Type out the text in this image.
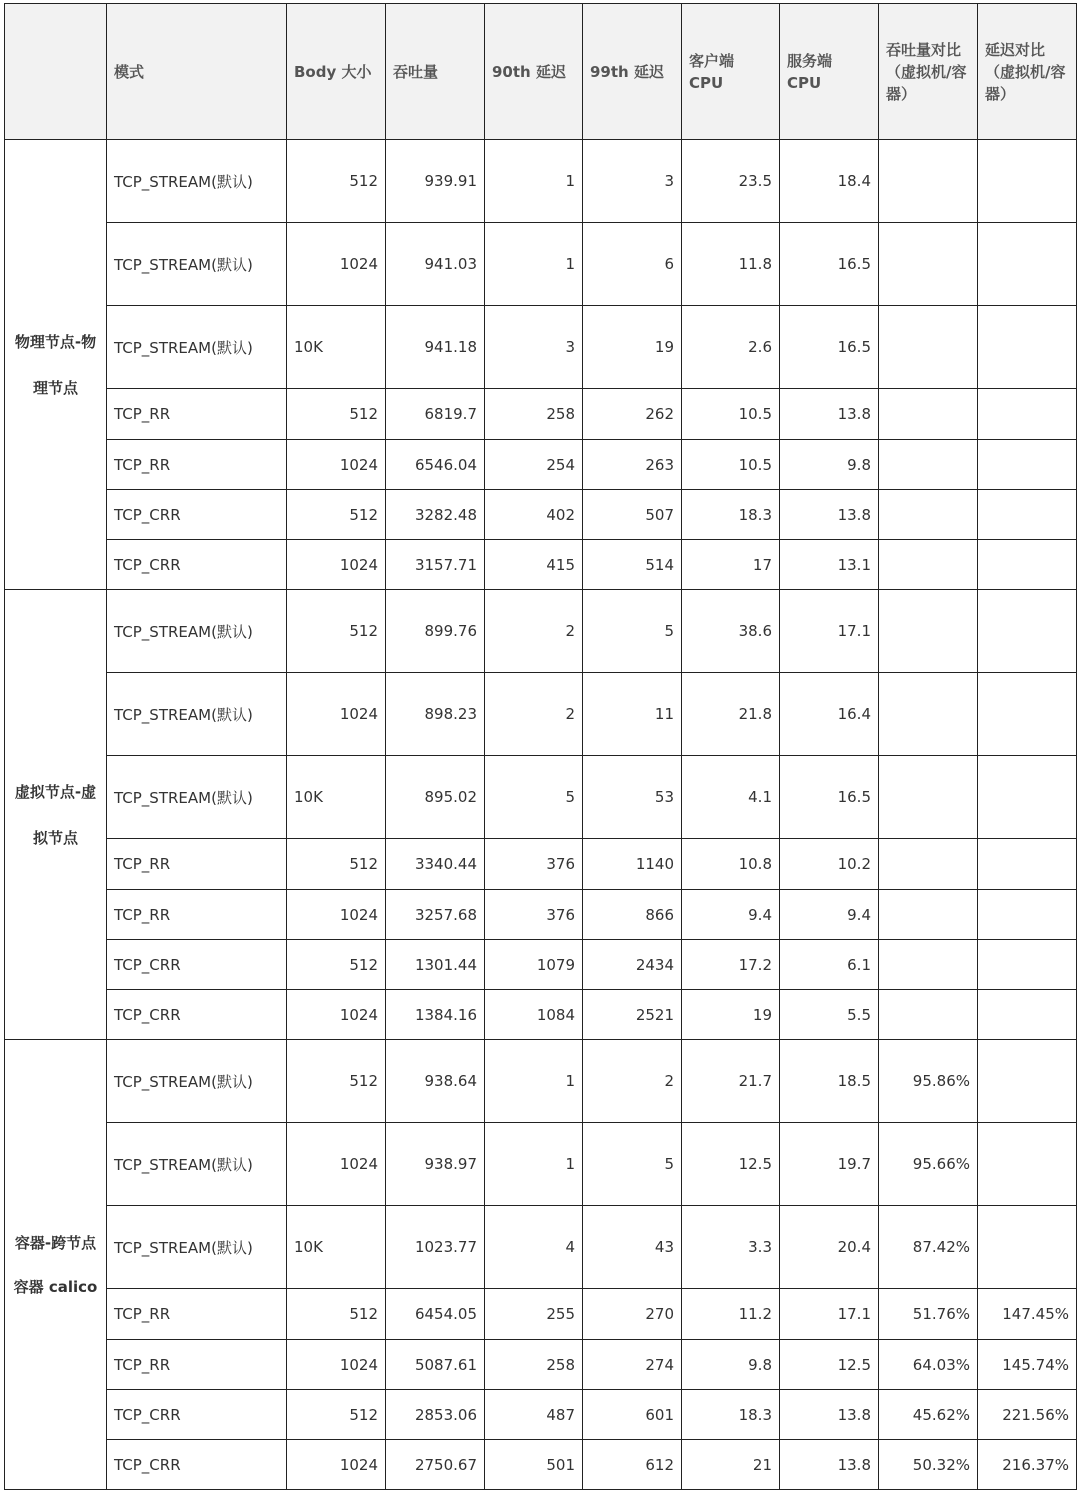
	模式	Body 大小	吞吐量	90th 延迟	99th 延迟	客户端 CPU	服务端 CPU	吞吐量对比（虚拟机/容器）	延迟对比（虚拟机/容器）
物理节点-物理节点	TCP_STREAM(默认)	512	939.91	1	3	23.5	18.4		
	TCP_STREAM(默认)	1024	941.03	1	6	11.8	16.5		
	TCP_STREAM(默认)	10K	941.18	3	19	2.6	16.5		
	TCP_RR	512	6819.7	258	262	10.5	13.8		
	TCP_RR	1024	6546.04	254	263	10.5	9.8		
	TCP_CRR	512	3282.48	402	507	18.3	13.8		
	TCP_CRR	1024	3157.71	415	514	17	13.1		
虚拟节点-虚拟节点	TCP_STREAM(默认)	512	899.76	2	5	38.6	17.1		
	TCP_STREAM(默认)	1024	898.23	2	11	21.8	16.4		
	TCP_STREAM(默认)	10K	895.02	5	53	4.1	16.5		
	TCP_RR	512	3340.44	376	1140	10.8	10.2		
	TCP_RR	1024	3257.68	376	866	9.4	9.4		
	TCP_CRR	512	1301.44	1079	2434	17.2	6.1		
	TCP_CRR	1024	1384.16	1084	2521	19	5.5		
容器-跨节点容器 calico	TCP_STREAM(默认)	512	938.64	1	2	21.7	18.5	95.86%	
	TCP_STREAM(默认)	1024	938.97	1	5	12.5	19.7	95.66%	
	TCP_STREAM(默认)	10K	1023.77	4	43	3.3	20.4	87.42%	
	TCP_RR	512	6454.05	255	270	11.2	17.1	51.76%	147.45%
	TCP_RR	1024	5087.61	258	274	9.8	12.5	64.03%	145.74%
	TCP_CRR	512	2853.06	487	601	18.3	13.8	45.62%	221.56%
	TCP_CRR	1024	2750.67	501	612	21	13.8	50.32%	216.37%
